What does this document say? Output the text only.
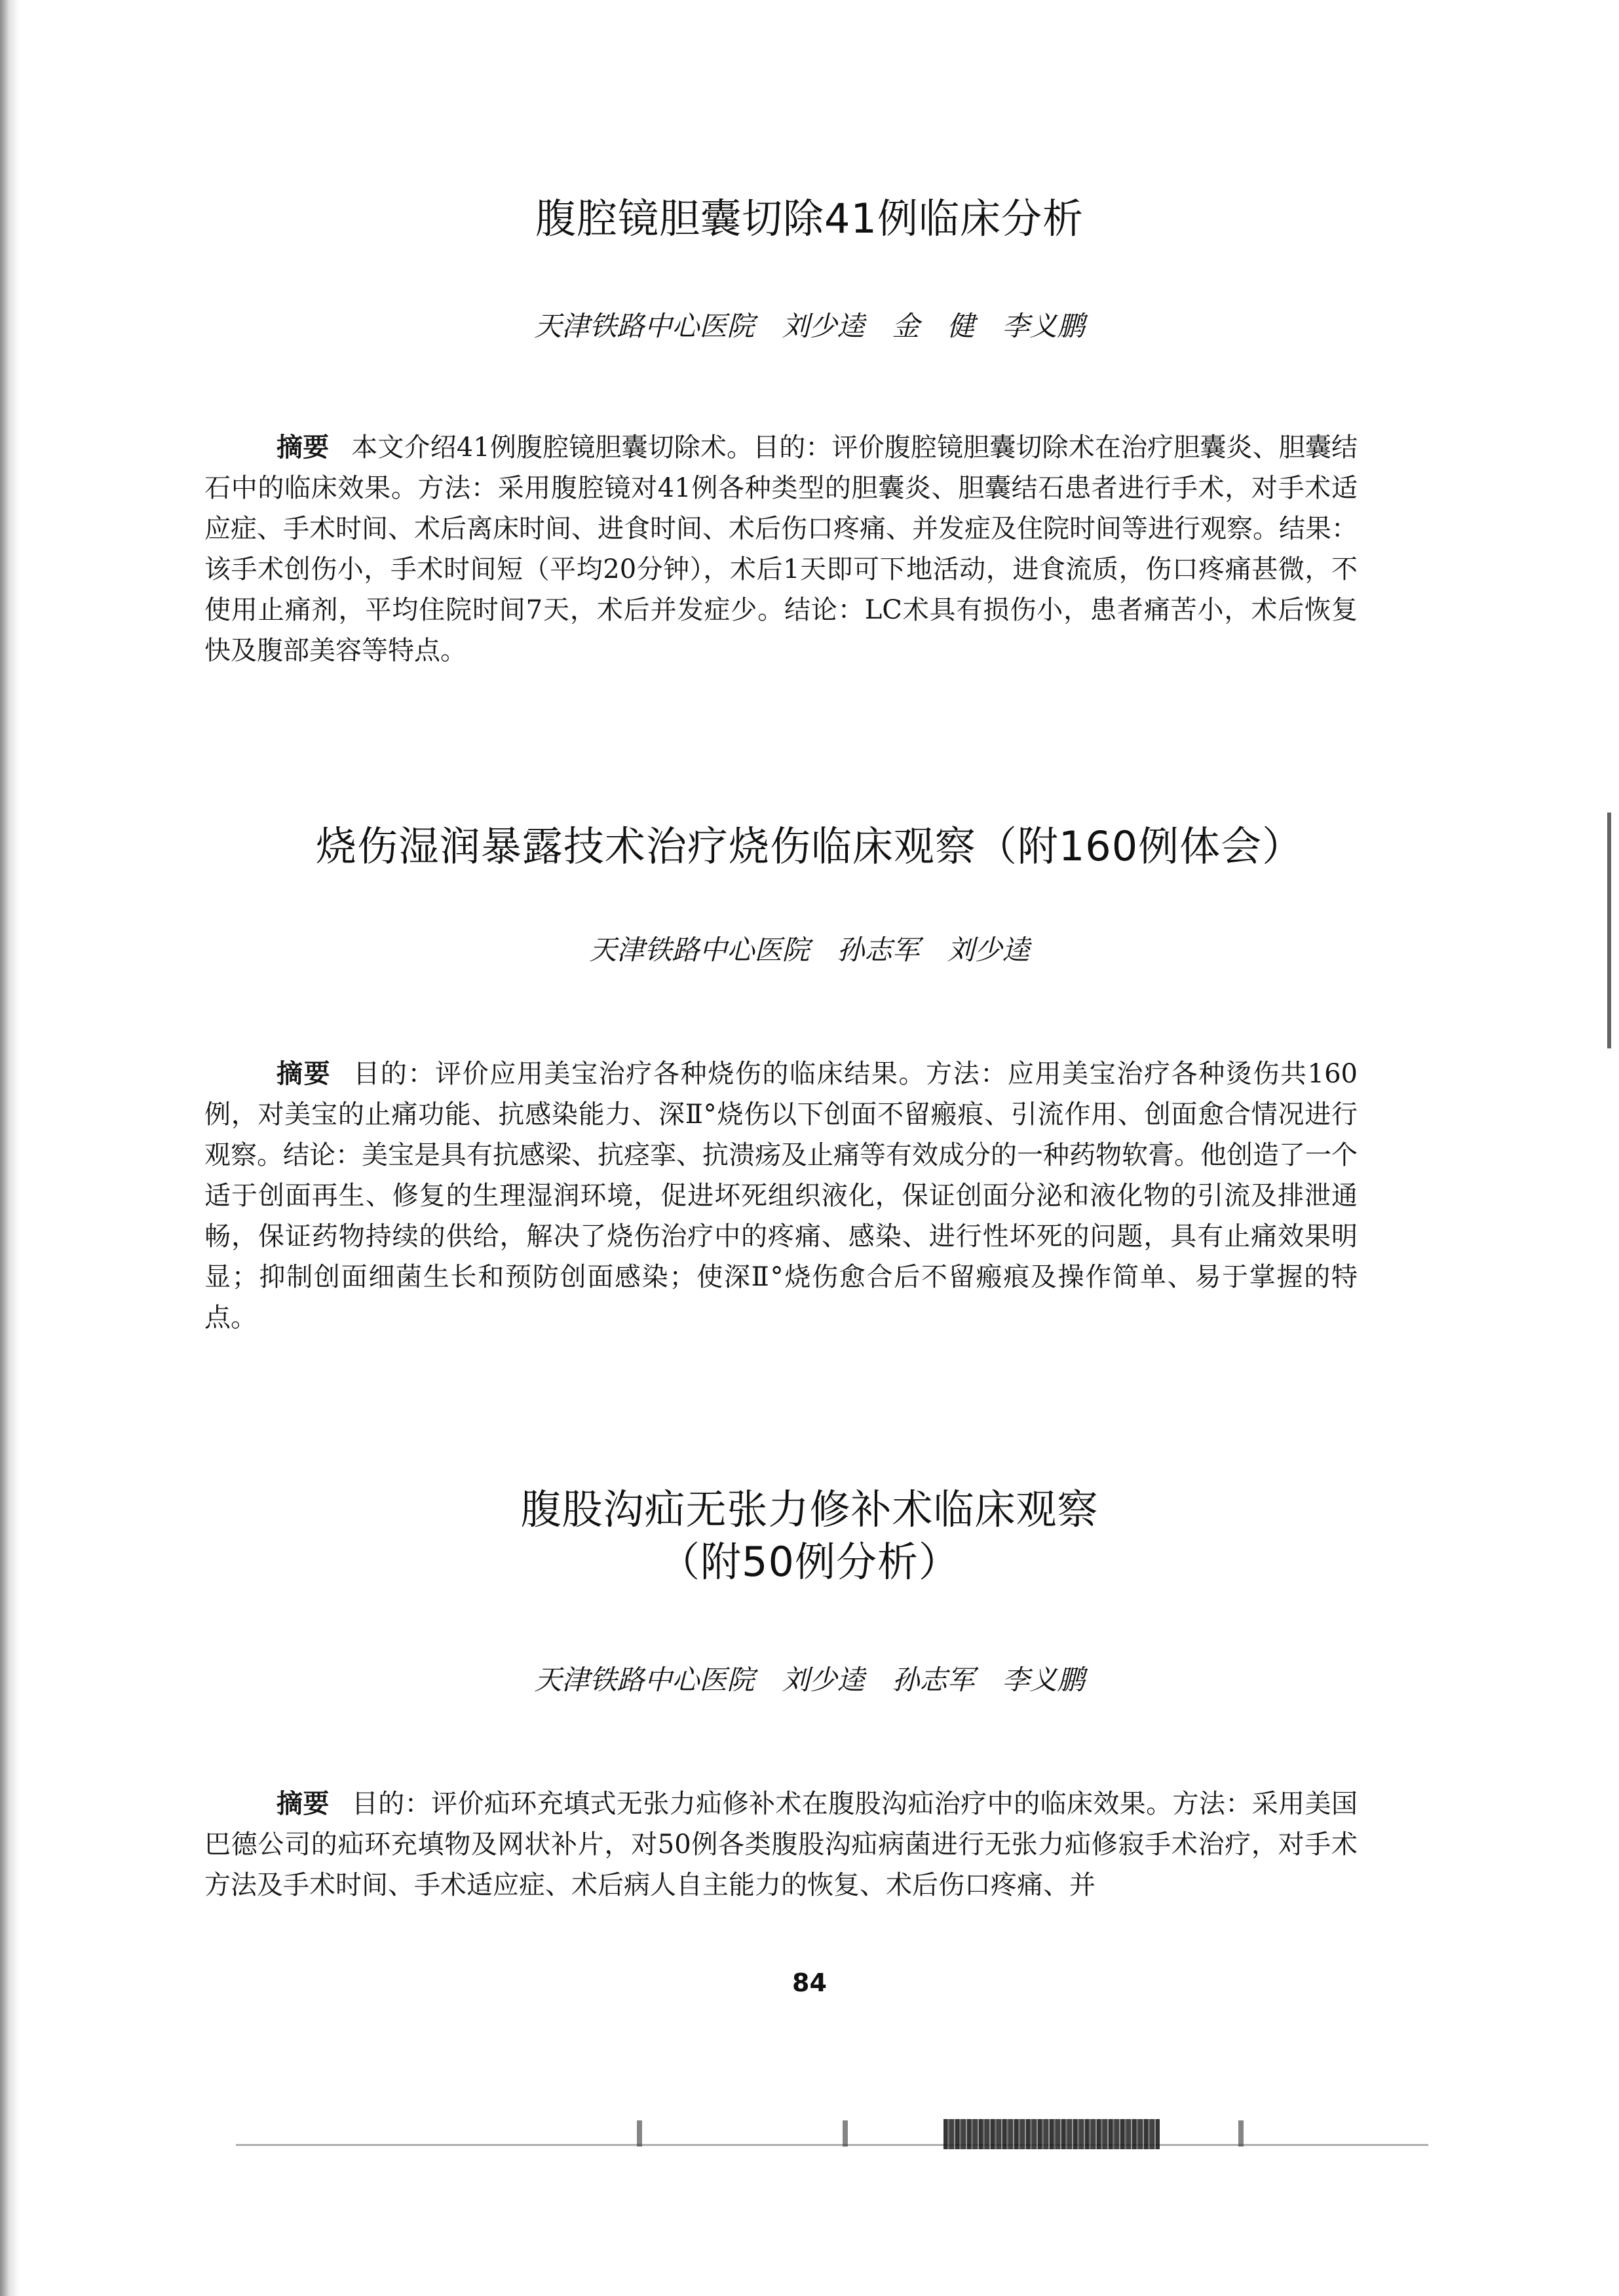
腹腔镜胆囊切除41例临床分析
天津铁路中心医院　刘少逵　金　健　李义鹏

摘要 本文介绍41例腹腔镜胆囊切除术。目的：评价腹腔镜胆囊切除术在治疗胆囊炎、胆囊结石中的临床效果。方法：采用腹腔镜对41例各种类型的胆囊炎、胆囊结石患者进行手术，对手术适应症、手术时间、术后离床时间、进食时间、术后伤口疼痛、并发症及住院时间等进行观察。结果：该手术创伤小，手术时间短（平均20分钟），术后1天即可下地活动，进食流质，伤口疼痛甚微，不使用止痛剂，平均住院时间7天，术后并发症少。结论：LC术具有损伤小，患者痛苦小，术后恢复快及腹部美容等特点。

烧伤湿润暴露技术治疗烧伤临床观察（附160例体会）
天津铁路中心医院　孙志军　刘少逵

摘要 目的：评价应用美宝治疗各种烧伤的临床结果。方法：应用美宝治疗各种烫伤共160例，对美宝的止痛功能、抗感染能力、深Ⅱ°烧伤以下创面不留瘢痕、引流作用、创面愈合情况进行观察。结论：美宝是具有抗感梁、抗痉挛、抗溃疡及止痛等有效成分的一种药物软膏。他创造了一个适于创面再生、修复的生理湿润环境，促进坏死组织液化，保证创面分泌和液化物的引流及排泄通畅，保证药物持续的供给，解决了烧伤治疗中的疼痛、感染、进行性坏死的问题，具有止痛效果明显；抑制创面细菌生长和预防创面感染；使深Ⅱ°烧伤愈合后不留瘢痕及操作简单、易于掌握的特点。

腹股沟疝无张力修补术临床观察
（附50例分析）
天津铁路中心医院　刘少逵　孙志军　李义鹏

摘要 目的：评价疝环充填式无张力疝修补术在腹股沟疝治疗中的临床效果。方法：采用美国巴德公司的疝环充填物及网状补片，对50例各类腹股沟疝病菌进行无张力疝修寂手术治疗，对手术方法及手术时间、手术适应症、术后病人自主能力的恢复、术后伤口疼痛、并

84
